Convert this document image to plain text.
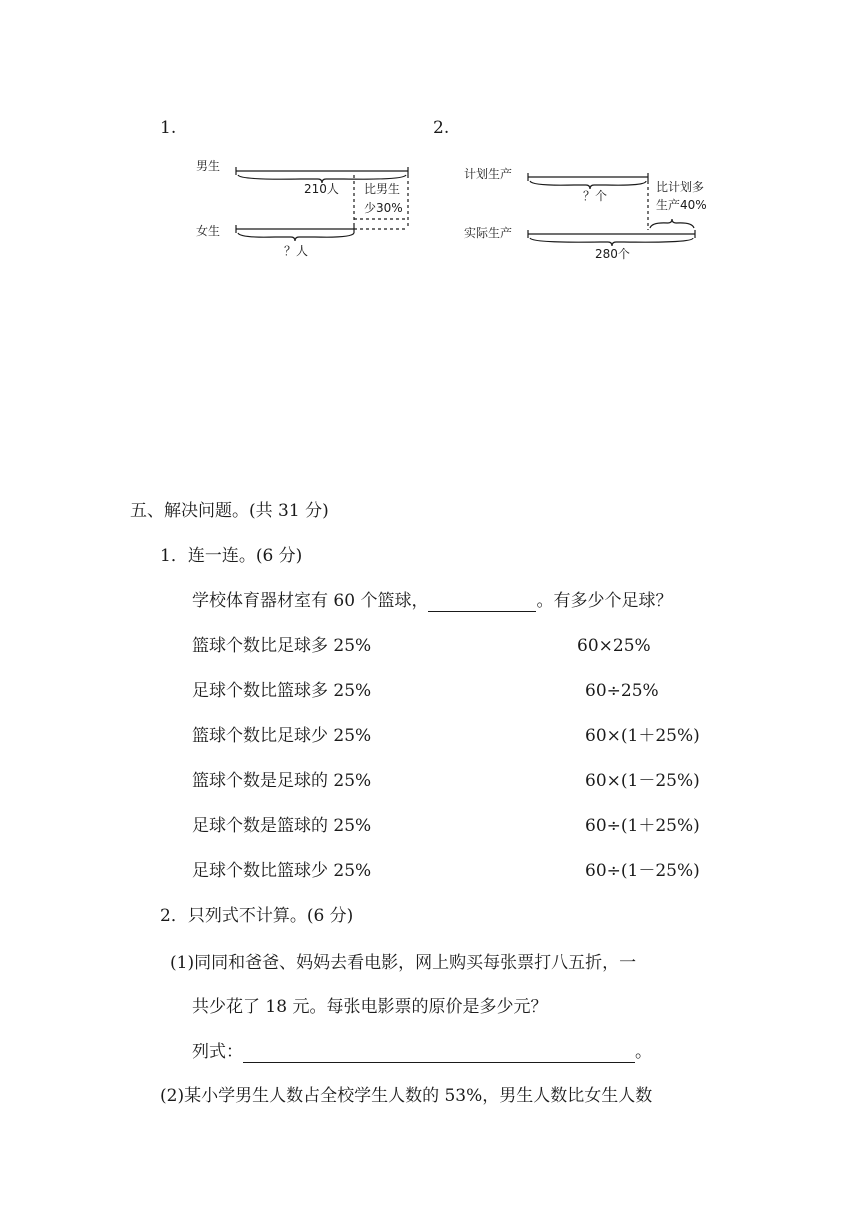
1.
男生
女生
210人 比男生
少30%
？人
2.
计划生产
实际生产
？个
比计划多
生产40%
280个
五、解决问题。(共 31 分)
1．连一连。(6 分)
学校体育器材室有 60 个篮球，	。有多少个足球？
篮球个数比足球多 25%
足球个数比篮球多 25%
篮球个数比足球少 25%
篮球个数是足球的 25%
足球个数是篮球的 25%
足球个数比篮球少 25%
60×25%
60÷25%
60×(1＋25%)
60×(1－25%)
60÷(1＋25%)
60÷(1－25%)
2．只列式不计算。(6 分)
(1)同同和爸爸、妈妈去看电影，网上购买每张票打八五折，一
共少花了 18 元。每张电影票的原价是多少元？
列式：	。
(2)某小学男生人数占全校学生人数的 53%，男生人数比女生人数
